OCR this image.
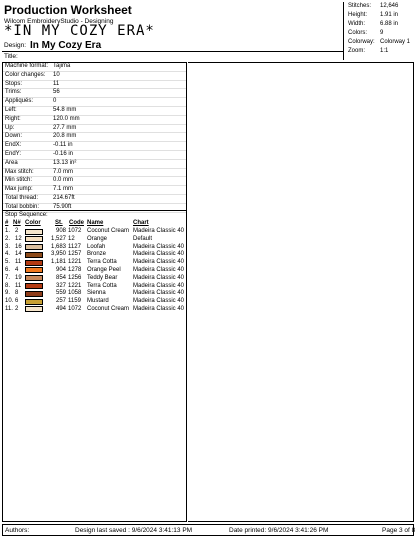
Production Worksheet
Wilcom EmbroideryStudio - Designing
*IN MY COZY ERA*
Design: In My Cozy Era
Stitches: 12,646
Height: 1.91 in
Width: 6.88 in
Colors: 9
Colorway: Colorway 1
Zoom: 1:1
Title:
Machine format: Tajima
Color changes: 10
Stops:	11
Trims:	56
Appliqués:	0
Left:	54.8 mm
Right:	120.0 mm
Up:	27.7 mm
Down:	20.8 mm
EndX:	-0.11 in
EndY:	-0.16 in
Area	13.13 in²
Max stitch:	7.0 mm
Min stitch:	0.0 mm
Max jump:	7.1 mm
Total thread: 214.67ft
Total bobbin: 75.90ft
Stop Sequence:
# N# Color St. Code Name	Chart
1. 2	908 1072 Coconut Cream Madeira Classic 40
2. 12	1,527 12 Orange	Default
3. 16	1,683 1127 Loofah	Madeira Classic 40
4. 14	3,950 1257 Bronze	Madeira Classic 40
5. 11	1,181 1221 Terra Cotta	Madeira Classic 40
6. 4	904 1278 Orange Peel Madeira Classic 40
7. 19	854 1256 Teddy Bear	Madeira Classic 40
8. 11	327 1221 Terra Cotta	Madeira Classic 40
9. 8	559 1058 Sienna	Madeira Classic 40
10. 6	257 1159 Mustard	Madeira Classic 40
11. 2	494 1072 Coconut Cream Madeira Classic 40
Authors:	Design last saved : 9/6/2024 3:41:13 PM	Date printed: 9/6/2024 3:41:26 PM	Page 3 of 8
